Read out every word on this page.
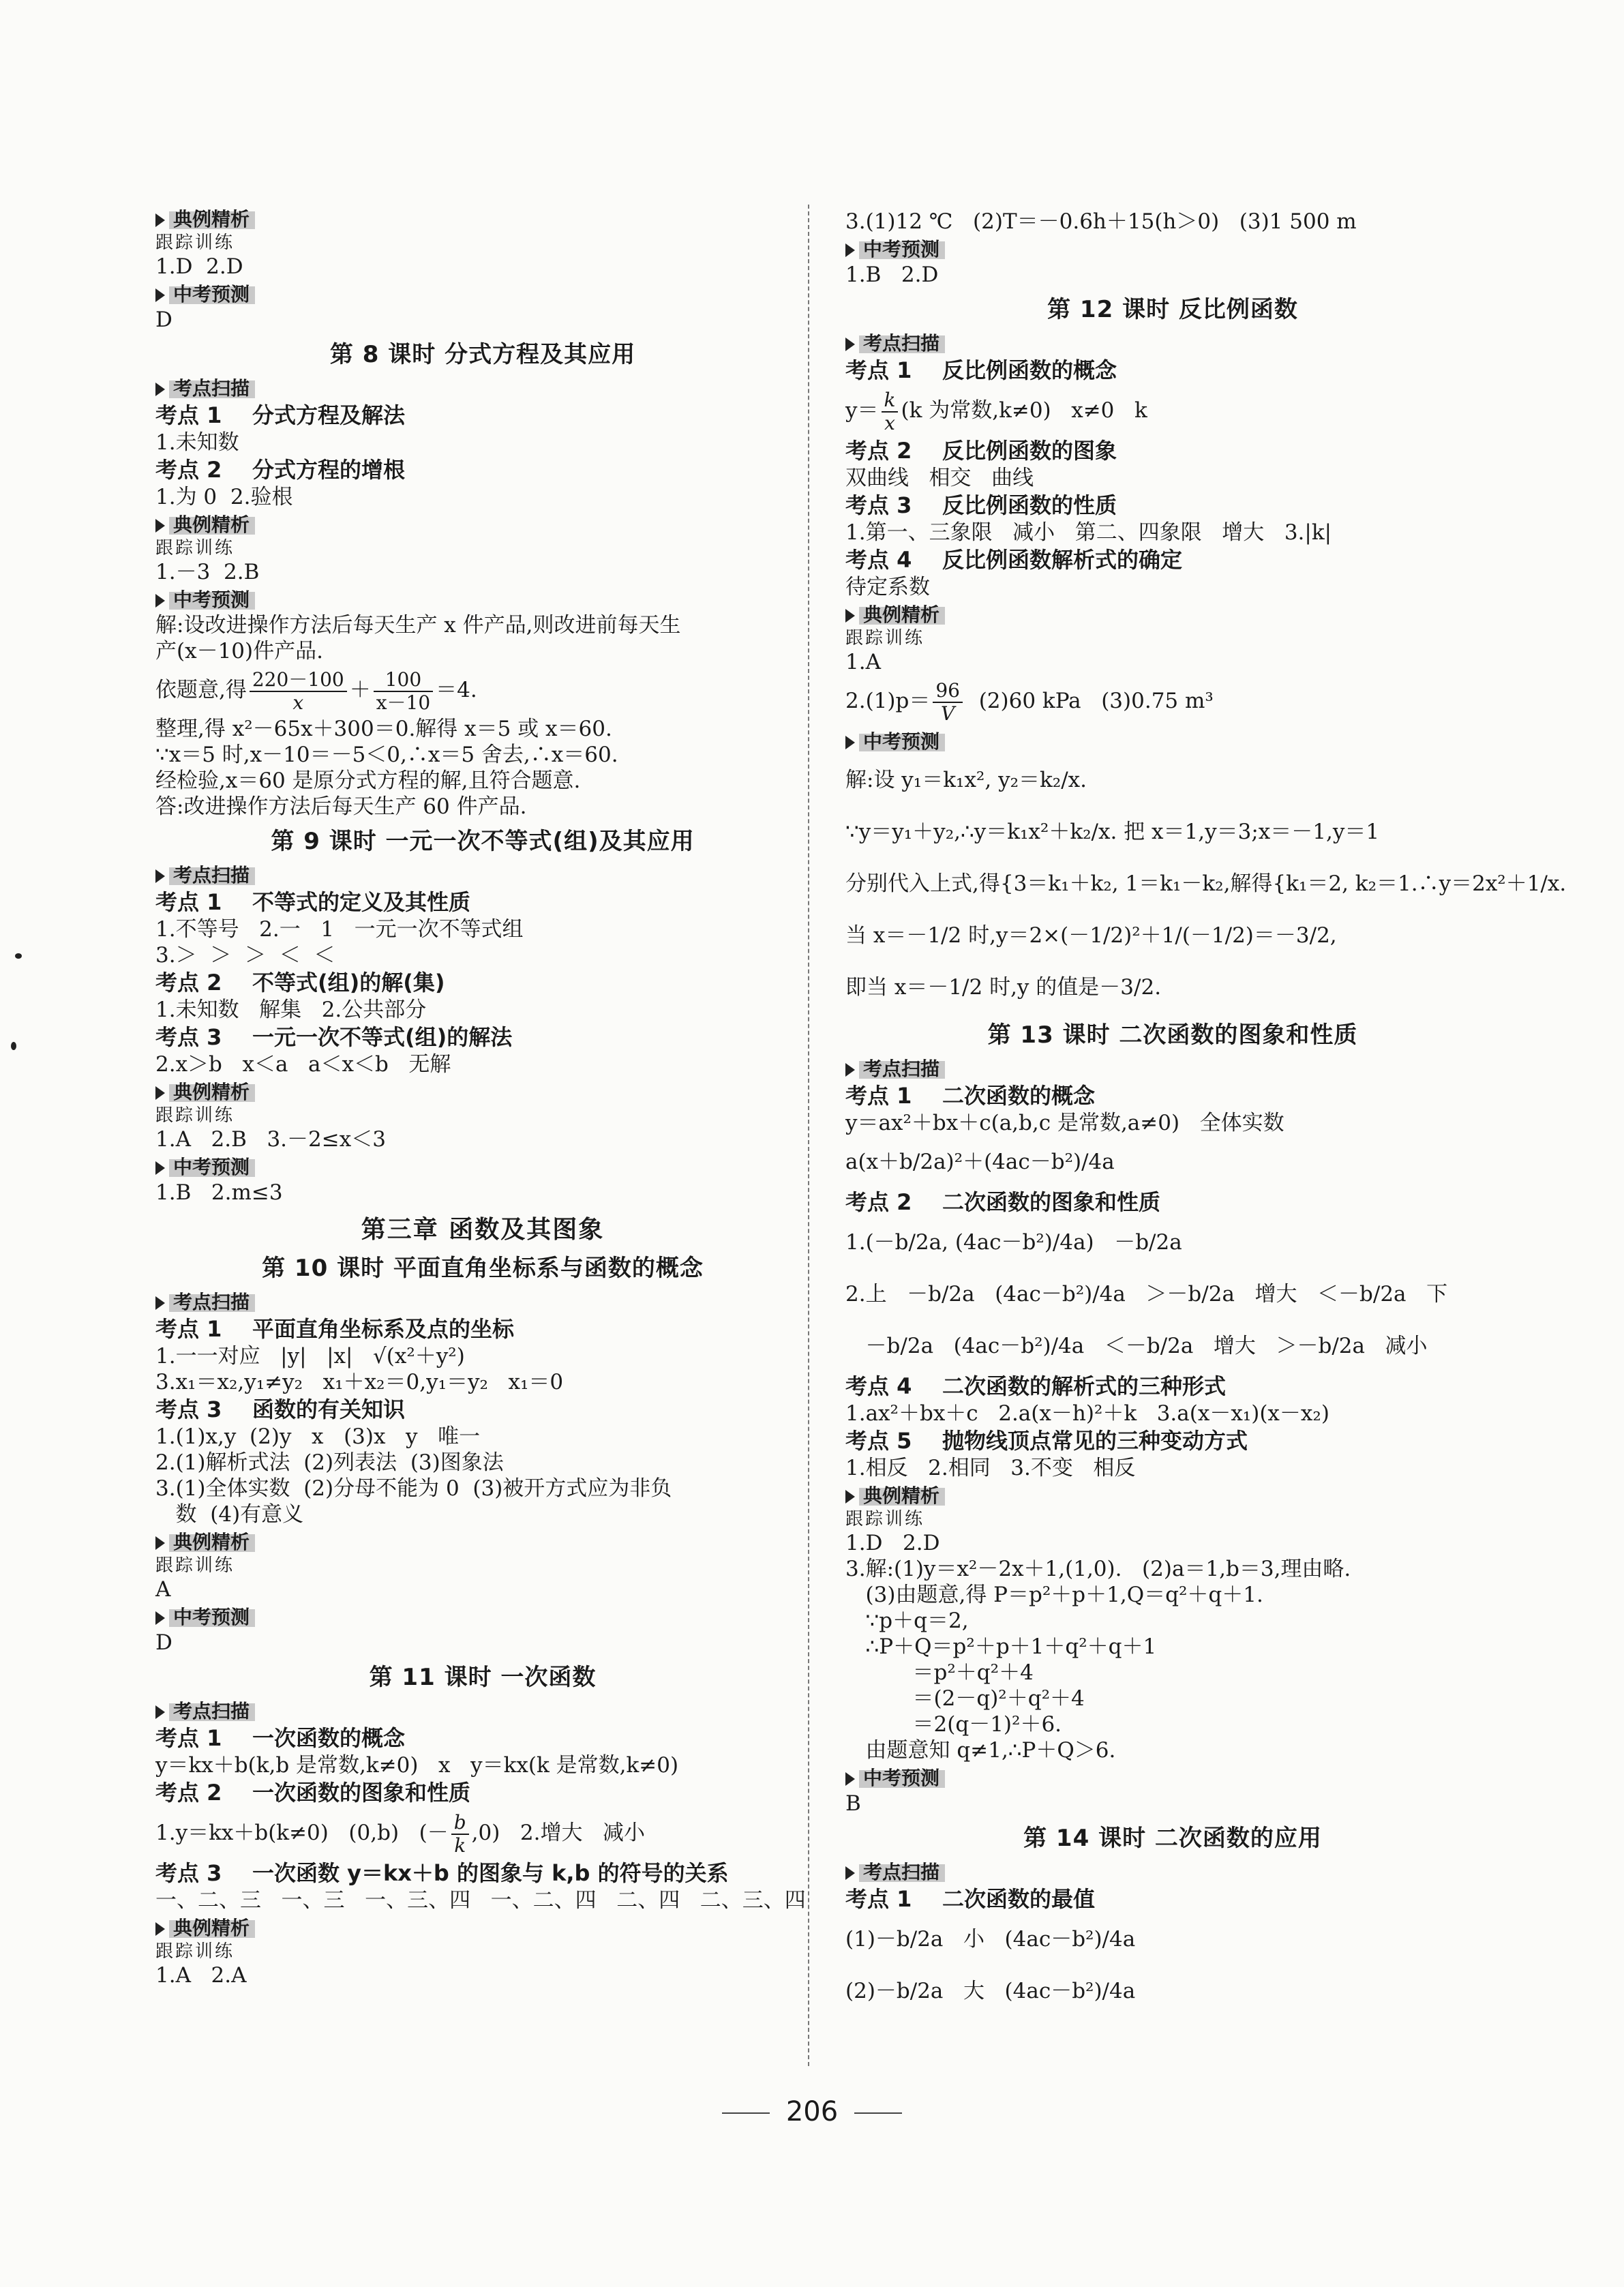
典例精析
跟踪训练
1.D  2.D
中考预测
D
第 8 课时 分式方程及其应用
考点扫描
考点 1    分式方程及解法
1.未知数
考点 2    分式方程的增根
1.为 0  2.验根
典例精析
跟踪训练
1.－3  2.B
中考预测
解:设改进操作方法后每天生产 x 件产品,则改进前每天生
产(x－10)件产品.
依题意,得 $\frac{220-100}{x} + \frac{100}{x-10} =4$.
整理,得 x²－65x＋300＝0.解得 x＝5 或 x＝60.
∵x＝5 时,x－10＝－5＜0,∴x＝5 舍去,∴x＝60.
经检验,x＝60 是原分式方程的解,且符合题意.
答:改进操作方法后每天生产 60 件产品.
第 9 课时 一元一次不等式(组)及其应用
考点扫描
考点 1    不等式的定义及其性质
1.不等号   2.一   1   一元一次不等式组
3.＞  ＞  ＞  ＜  ＜
考点 2    不等式(组)的解(集)
1.未知数   解集   2.公共部分
考点 3    一元一次不等式(组)的解法
2.x＞b   x＜a   a＜x＜b   无解
典例精析
跟踪训练
1.A   2.B   3.－2≤x＜3
中考预测
1.B   2.m≤3
第三章 函数及其图象
第 10 课时 平面直角坐标系与函数的概念
考点扫描
考点 1    平面直角坐标系及点的坐标
1.一一对应   |y|   |x|   √(x²＋y²)
3.x₁＝x₂,y₁≠y₂   x₁＋x₂＝0,y₁＝y₂   x₁＝0
考点 3    函数的有关知识
1.(1)x,y  (2)y   x   (3)x   y   唯一
2.(1)解析式法  (2)列表法  (3)图象法
3.(1)全体实数  (2)分母不能为 0  (3)被开方式应为非负
数  (4)有意义
典例精析
跟踪训练
A
中考预测
D
第 11 课时 一次函数
考点扫描
考点 1    一次函数的概念
y＝kx＋b(k,b 是常数,k≠0)   x   y＝kx(k 是常数,k≠0)
考点 2    一次函数的图象和性质
1.y＝kx＋b(k≠0)   (0,b)   (－ $\frac{b}{k} ,0$)   2.增大   减小
考点 3    一次函数 y＝kx＋b 的图象与 k,b 的符号的关系
一、二、三   一、三   一、三、四   一、二、四   二、四   二、三、四
典例精析
跟踪训练
1.A   2.A
3.(1)12 ℃   (2)T＝－0.6h＋15(h＞0)   (3)1 500 m
中考预测
1.B   2.D
第 12 课时 反比例函数
考点扫描
考点 1    反比例函数的概念
$y= \frac{k}{x} (k$ 为常数,k≠0)   x≠0   k
考点 2    反比例函数的图象
双曲线   相交   曲线
考点 3    反比例函数的性质
1.第一、三象限   减小   第二、四象限   增大   3.|k|
考点 4    反比例函数解析式的确定
待定系数
典例精析
跟踪训练
1.A
$2.(1)p= \frac{96}{V} (2)60$ kPa   (3)0.75 m³
中考预测
解:设 y₁＝k₁x², y₂＝k₂/x.
∵y＝y₁＋y₂,∴y＝k₁x²＋k₂/x. 把 x＝1,y＝3;x＝－1,y＝1
分别代入上式,得{3＝k₁＋k₂, 1＝k₁－k₂,解得{k₁＝2, k₂＝1.∴y＝2x²＋1/x.
当 x＝－1/2 时,y＝2×(－1/2)²＋1/(－1/2)＝－3/2,
即当 x＝－1/2 时,y 的值是－3/2.
第 13 课时 二次函数的图象和性质
考点扫描
考点 1    二次函数的概念
y＝ax²＋bx＋c(a,b,c 是常数,a≠0)   全体实数
a(x＋b/2a)²＋(4ac－b²)/4a
考点 2    二次函数的图象和性质
1.(－b/2a, (4ac－b²)/4a)   －b/2a
2.上   －b/2a   (4ac－b²)/4a   ＞－b/2a   增大   ＜－b/2a   下
－b/2a   (4ac－b²)/4a   ＜－b/2a   增大   ＞－b/2a   减小
考点 4    二次函数的解析式的三种形式
1.ax²＋bx＋c   2.a(x－h)²＋k   3.a(x－x₁)(x－x₂)
考点 5    抛物线顶点常见的三种变动方式
1.相反   2.相同   3.不变   相反
典例精析
跟踪训练
1.D   2.D
3.解:(1)y＝x²－2x＋1,(1,0).   (2)a＝1,b＝3,理由略.
(3)由题意,得 P＝p²＋p＋1,Q＝q²＋q＋1.
∵p＋q＝2,
∴P＋Q＝p²＋p＋1＋q²＋q＋1
＝p²＋q²＋4
＝(2－q)²＋q²＋4
＝2(q－1)²＋6.
由题意知 q≠1,∴P＋Q＞6.
中考预测
B
第 14 课时 二次函数的应用
考点扫描
考点 1    二次函数的最值
(1)－b/2a   小   (4ac－b²)/4a
(2)－b/2a   大   (4ac－b²)/4a
206
